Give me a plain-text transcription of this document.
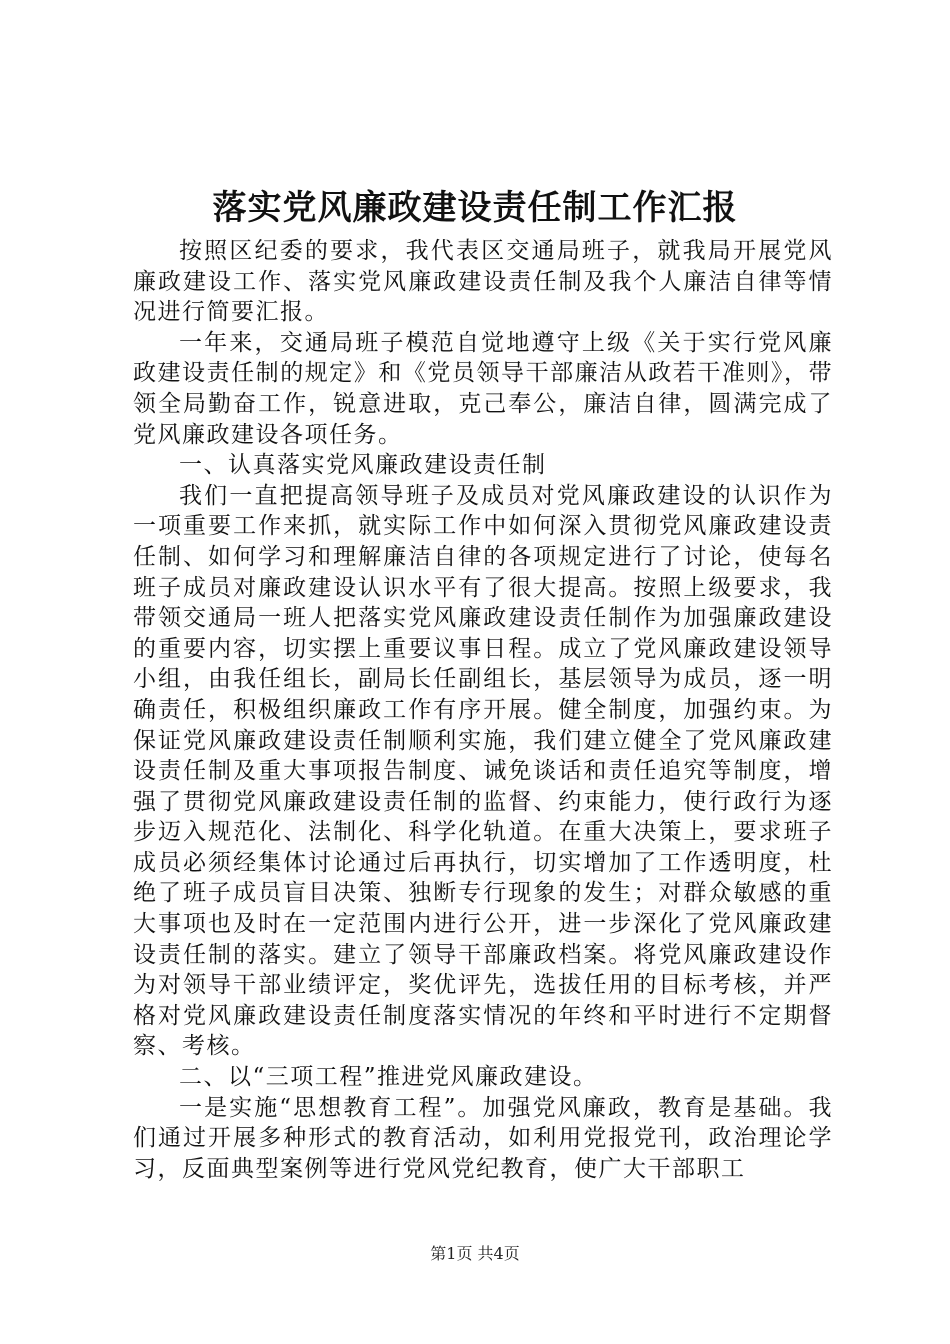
落实党风廉政建设责任制工作汇报

按照区纪委的要求，我代表区交通局班子，就我局开展党风廉政建设工作、落实党风廉政建设责任制及我个人廉洁自律等情况进行简要汇报。

一年来，交通局班子模范自觉地遵守上级《关于实行党风廉政建设责任制的规定》和《党员领导干部廉洁从政若干准则》，带领全局勤奋工作，锐意进取，克己奉公，廉洁自律，圆满完成了党风廉政建设各项任务。

一、认真落实党风廉政建设责任制

我们一直把提高领导班子及成员对党风廉政建设的认识作为一项重要工作来抓，就实际工作中如何深入贯彻党风廉政建设责任制、如何学习和理解廉洁自律的各项规定进行了讨论，使每名班子成员对廉政建设认识水平有了很大提高。按照上级要求，我带领交通局一班人把落实党风廉政建设责任制作为加强廉政建设的重要内容，切实摆上重要议事日程。成立了党风廉政建设领导小组，由我任组长，副局长任副组长，基层领导为成员，逐一明确责任，积极组织廉政工作有序开展。健全制度，加强约束。为保证党风廉政建设责任制顺利实施，我们建立健全了党风廉政建设责任制及重大事项报告制度、诫免谈话和责任追究等制度，增强了贯彻党风廉政建设责任制的监督、约束能力，使行政行为逐步迈入规范化、法制化、科学化轨道。在重大决策上，要求班子成员必须经集体讨论通过后再执行，切实增加了工作透明度，杜绝了班子成员盲目决策、独断专行现象的发生；对群众敏感的重大事项也及时在一定范围内进行公开，进一步深化了党风廉政建设责任制的落实。建立了领导干部廉政档案。将党风廉政建设作为对领导干部业绩评定，奖优评先，选拔任用的目标考核，并严格对党风廉政建设责任制度落实情况的年终和平时进行不定期督察、考核。

二、以“三项工程”推进党风廉政建设。

一是实施“思想教育工程”。加强党风廉政，教育是基础。我们通过开展多种形式的教育活动，如利用党报党刊，政治理论学习，反面典型案例等进行党风党纪教育，使广大干部职工

第1页 共4页
